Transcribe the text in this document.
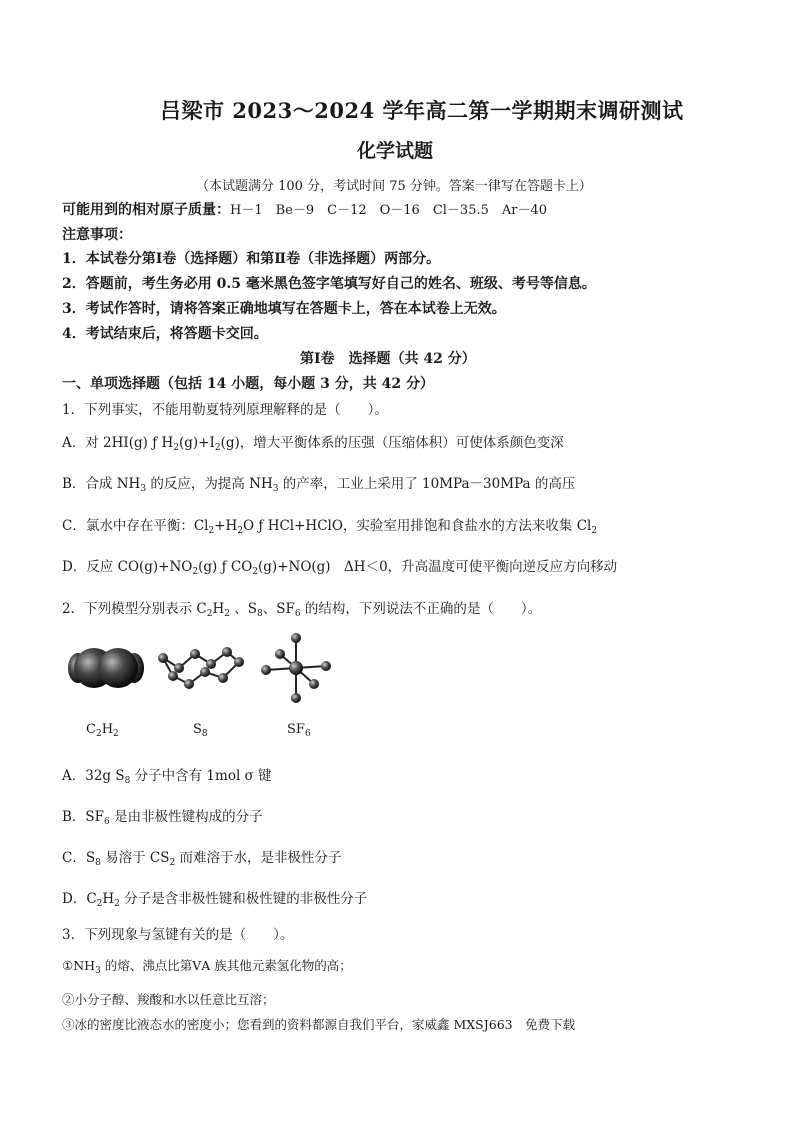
吕梁市 2023～2024 学年高二第一学期期末调研测试
化学试题
（本试题满分 100 分，考试时间 75 分钟。答案一律写在答题卡上）
可能用到的相对原子质量：H－1　Be－9　C－12　O－16　Cl－35.5　Ar－40
注意事项：
1．本试卷分第Ⅰ卷（选择题）和第Ⅱ卷（非选择题）两部分。
2．答题前，考生务必用 0.5 毫米黑色签字笔填写好自己的姓名、班级、考号等信息。
3．考试作答时，请将答案正确地填写在答题卡上，答在本试卷上无效。
4．考试结束后，将答题卡交回。
第Ⅰ卷　选择题（共 42 分）
一、单项选择题（包括 14 小题，每小题 3 分，共 42 分）
1．下列事实，不能用勒夏特列原理解释的是（　　）。
A．对 2HI(g) ƒ $H_2(g)+I_2(g)$，增大平衡体系的压强（压缩体积）可使体系颜色变深
B．合成 $NH_3$ 的反应，为提高 $NH_3$ 的产率，工业上采用了 10MPa－30MPa 的高压
C．氯水中存在平衡：$Cl_2+H_2O$ ƒ HCl+HClO，实验室用排饱和食盐水的方法来收集 $Cl_2$
D．反应 $CO(g)+NO_2(g)$ ƒ $CO_2(g)+NO(g)$　ΔH＜0，升高温度可使平衡向逆反应方向移动
2．下列模型分别表示 $C_2H_2$ 、$S_8$、$SF_6$ 的结构，下列说法不正确的是（　　）。
$C_2H_2$	$S_8$	$SF_6$
A．32g $S_8$ 分子中含有 1mol σ 键
B．$SF_6$ 是由非极性键构成的分子
C．$S_8$ 易溶于 $CS_2$ 而难溶于水，是非极性分子
D．$C_2H_2$ 分子是含非极性键和极性键的非极性分子
3．下列现象与氢键有关的是（　　）。
$①NH_3$ 的熔、沸点比第ⅤA 族其他元素氢化物的高；
②小分子醇、羧酸和水以任意比互溶；
③冰的密度比液态水的密度小；您看到的资料都源自我们平台，家威鑫 MXSJ663　免费下载
